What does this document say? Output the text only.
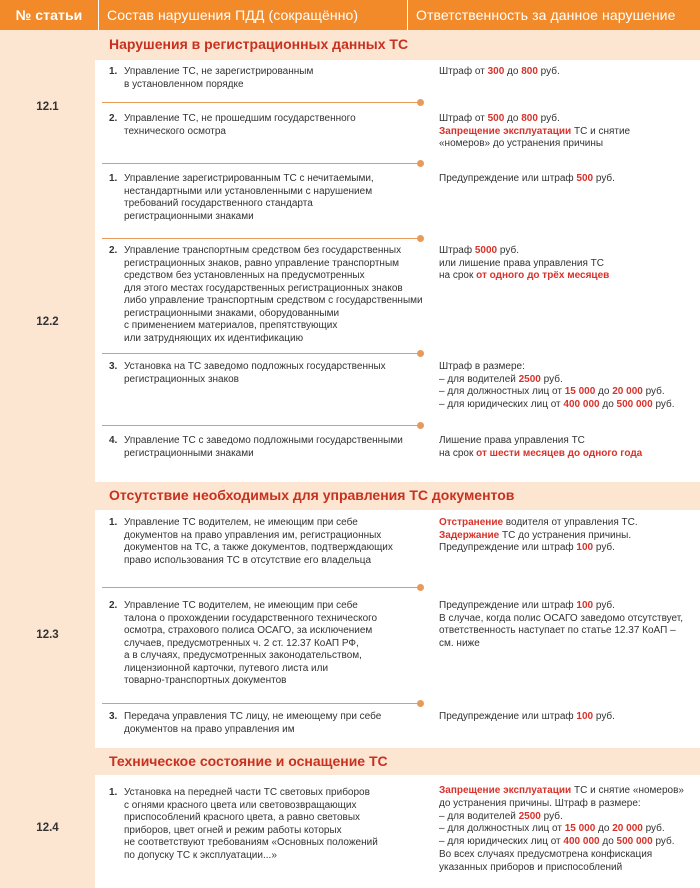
№ статьи	Состав нарушения ПДД (сокращённо)	Ответственность за данное нарушение
Нарушения в регистрационных данных ТС
Отсутствие необходимых для управления ТС документов
Техническое состояние и оснащение ТС
12.1
12.2
12.3
12.4
1. Управление ТС, не зарегистрированным
в установленном порядке
2. Управление ТС, не прошедшим государственного
технического осмотра
1. Управление зарегистрированным ТС с нечитаемыми,
нестандартными или установленными с нарушением
требований государственного стандарта
регистрационными знаками
2. Управление транспортным средством без государственных
регистрационных знаков, равно управление транспортным
средством без установленных на предусмотренных
для этого местах государственных регистрационных знаков
либо управление транспортным средством с государственными
регистрационными знаками, оборудованными
с применением материалов, препятствующих
или затрудняющих их идентификацию
3. Установка на ТС заведомо подложных государственных
регистрационных знаков
4. Управление ТС с заведомо подложными государственными
регистрационными знаками
1. Управление ТС водителем, не имеющим при себе
документов на право управления им, регистрационных
документов на ТС, а также документов, подтверждающих
право использования ТС в отсутствие его владельца
2. Управление ТС водителем, не имеющим при себе
талона о прохождении государственного технического
осмотра, страхового полиса ОСАГО, за исключением
случаев, предусмотренных ч. 2 ст. 12.37 КоАП РФ,
а в случаях, предусмотренных законодательством,
лицензионной карточки, путевого листа или
товарно-транспортных документов
3. Передача управления ТС лицу, не имеющему при себе
документов на право управления им
1. Установка на передней части ТС световых приборов
с огнями красного цвета или световозвращающих
приспособлений красного цвета, а равно световых
приборов, цвет огней и режим работы которых
не соответствуют требованиям «Основных положений
по допуску ТС к эксплуатации...»
Штраф от 300 до 800 руб.
Штраф от 500 до 800 руб.
Запрещение эксплуатации ТС и снятие
«номеров» до устранения причины
Предупреждение или штраф 500 руб.
Штраф 5000 руб.
или лишение права управления ТС
на срок от одного до трёх месяцев
Штраф в размере:
– для водителей 2500 руб.
– для должностных лиц от 15 000 до 20 000 руб.
– для юридических лиц от 400 000 до 500 000 руб.
Лишение права управления ТС
на срок от шести месяцев до одного года
Отстранение водителя от управления ТС.
Задержание ТС до устранения причины.
Предупреждение или штраф 100 руб.
Предупреждение или штраф 100 руб.
В случае, когда полис ОСАГО заведомо отсутствует,
ответственность наступает по статье 12.37 КоАП –
см. ниже
Предупреждение или штраф 100 руб.
Запрещение эксплуатации ТС и снятие «номеров»
до устранения причины. Штраф в размере:
– для водителей 2500 руб.
– для должностных лиц от 15 000 до 20 000 руб.
– для юридических лиц от 400 000 до 500 000 руб.
Во всех случаях предусмотрена конфискация
указанных приборов и приспособлений
